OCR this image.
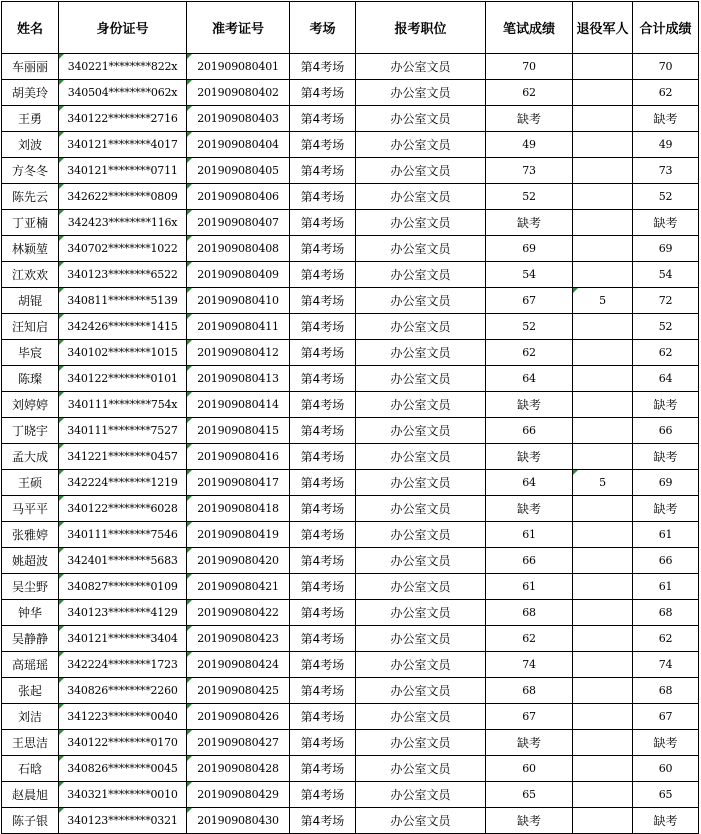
姓名	身份证号	准考证号	考场	报考职位	笔试成绩	退役军人	合计成绩
车丽丽	340221********822x	201909080401	第4考场	办公室文员	70		70
胡美玲	340504********062x	201909080402	第4考场	办公室文员	62		62
王勇	340122********2716	201909080403	第4考场	办公室文员	缺考		缺考
刘波	340121********4017	201909080404	第4考场	办公室文员	49		49
方冬冬	340121********0711	201909080405	第4考场	办公室文员	73		73
陈先云	342622********0809	201909080406	第4考场	办公室文员	52		52
丁亚楠	342423********116x	201909080407	第4考场	办公室文员	缺考		缺考
林颖堃	340702********1022	201909080408	第4考场	办公室文员	69		69
江欢欢	340123********6522	201909080409	第4考场	办公室文员	54		54
胡锟	340811********5139	201909080410	第4考场	办公室文员	67	5	72
汪知启	342426********1415	201909080411	第4考场	办公室文员	52		52
毕宸	340102********1015	201909080412	第4考场	办公室文员	62		62
陈璨	340122********0101	201909080413	第4考场	办公室文员	64		64
刘婷婷	340111********754x	201909080414	第4考场	办公室文员	缺考		缺考
丁晓宇	340111********7527	201909080415	第4考场	办公室文员	66		66
孟大成	341221********0457	201909080416	第4考场	办公室文员	缺考		缺考
王硕	342224********1219	201909080417	第4考场	办公室文员	64	5	69
马平平	340122********6028	201909080418	第4考场	办公室文员	缺考		缺考
张雅婷	340111********7546	201909080419	第4考场	办公室文员	61		61
姚超波	342401********5683	201909080420	第4考场	办公室文员	66		66
吴尘野	340827********0109	201909080421	第4考场	办公室文员	61		61
钟华	340123********4129	201909080422	第4考场	办公室文员	68		68
吴静静	340121********3404	201909080423	第4考场	办公室文员	62		62
高瑶瑶	342224********1723	201909080424	第4考场	办公室文员	74		74
张起	340826********2260	201909080425	第4考场	办公室文员	68		68
刘洁	341223********0040	201909080426	第4考场	办公室文员	67		67
王思洁	340122********0170	201909080427	第4考场	办公室文员	缺考		缺考
石晗	340826********0045	201909080428	第4考场	办公室文员	60		60
赵晨旭	340321********0010	201909080429	第4考场	办公室文员	65		65
陈子银	340123********0321	201909080430	第4考场	办公室文员	缺考		缺考
